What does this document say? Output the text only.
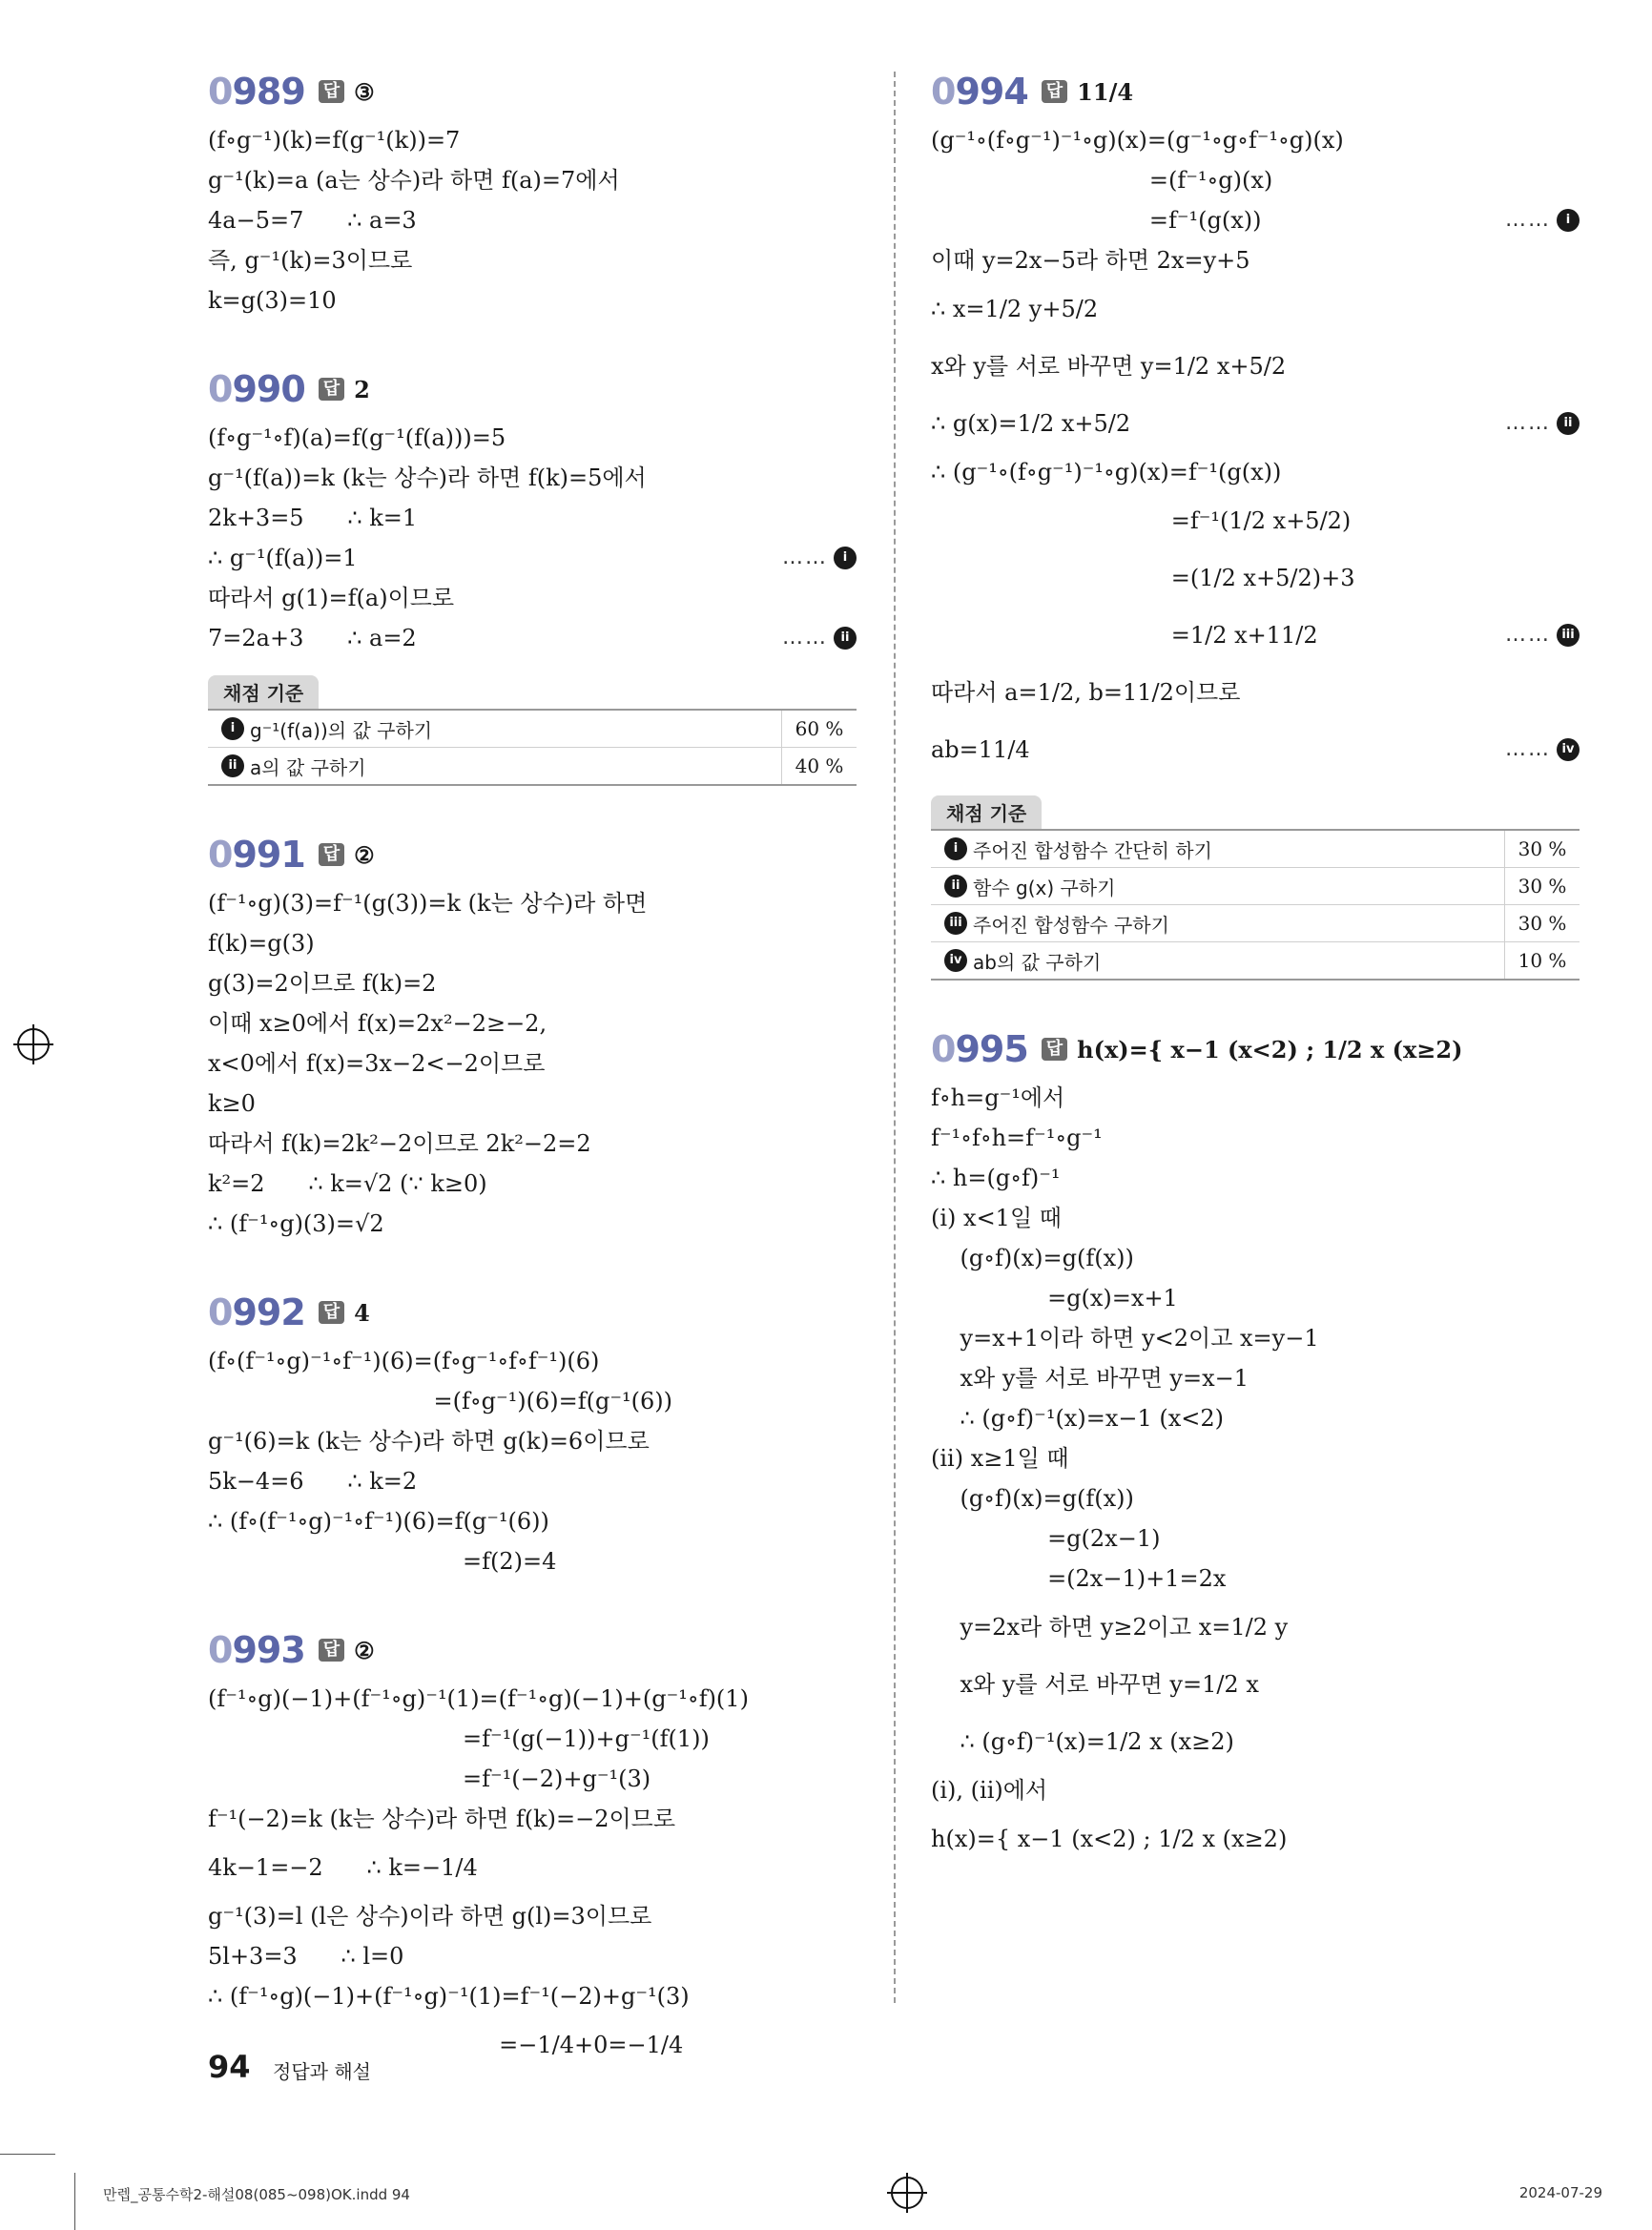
0989 답 ③
(f∘g⁻¹)(k)=f(g⁻¹(k))=7
g⁻¹(k)=a (a는 상수)라 하면 f(a)=7에서
4a−5=7      ∴ a=3
즉, g⁻¹(k)=3이므로
k=g(3)=10
0990 답 2
(f∘g⁻¹∘f)(a)=f(g⁻¹(f(a)))=5
g⁻¹(f(a))=k (k는 상수)라 하면 f(k)=5에서
2k+3=5      ∴ k=1
∴ g⁻¹(f(a))=1	…… i
따라서 g(1)=f(a)이므로
7=2a+3      ∴ a=2	…… ii
채점 기준
i g⁻¹(f(a))의 값 구하기	60 %
ii a의 값 구하기	40 %
0991 답 ②
(f⁻¹∘g)(3)=f⁻¹(g(3))=k (k는 상수)라 하면
f(k)=g(3)
g(3)=2이므로 f(k)=2
이때 x≥0에서 f(x)=2x²−2≥−2,
x<0에서 f(x)=3x−2<−2이므로
k≥0
따라서 f(k)=2k²−2이므로 2k²−2=2
k²=2      ∴ k=√2 (∵ k≥0)
∴ (f⁻¹∘g)(3)=√2
0992 답 4
(f∘(f⁻¹∘g)⁻¹∘f⁻¹)(6)=(f∘g⁻¹∘f∘f⁻¹)(6)
=(f∘g⁻¹)(6)=f(g⁻¹(6))
g⁻¹(6)=k (k는 상수)라 하면 g(k)=6이므로
5k−4=6      ∴ k=2
∴ (f∘(f⁻¹∘g)⁻¹∘f⁻¹)(6)=f(g⁻¹(6))
=f(2)=4
0993 답 ②
(f⁻¹∘g)(−1)+(f⁻¹∘g)⁻¹(1)=(f⁻¹∘g)(−1)+(g⁻¹∘f)(1)
=f⁻¹(g(−1))+g⁻¹(f(1))
=f⁻¹(−2)+g⁻¹(3)
f⁻¹(−2)=k (k는 상수)라 하면 f(k)=−2이므로
4k−1=−2      ∴ k=−1/4
g⁻¹(3)=l (l은 상수)이라 하면 g(l)=3이므로
5l+3=3      ∴ l=0
∴ (f⁻¹∘g)(−1)+(f⁻¹∘g)⁻¹(1)=f⁻¹(−2)+g⁻¹(3)
=−1/4+0=−1/4
0994 답 11/4
(g⁻¹∘(f∘g⁻¹)⁻¹∘g)(x)=(g⁻¹∘g∘f⁻¹∘g)(x)
=(f⁻¹∘g)(x)
=f⁻¹(g(x))	…… i
이때 y=2x−5라 하면 2x=y+5
∴ x=1/2 y+5/2
x와 y를 서로 바꾸면 y=1/2 x+5/2
∴ g(x)=1/2 x+5/2	…… ii
∴ (g⁻¹∘(f∘g⁻¹)⁻¹∘g)(x)=f⁻¹(g(x))
=f⁻¹(1/2 x+5/2)
=(1/2 x+5/2)+3
=1/2 x+11/2	…… iii
따라서 a=1/2, b=11/2이므로
ab=11/4	…… iv
채점 기준
i 주어진 합성함수 간단히 하기	30 %
ii 함수 g(x) 구하기	30 %
iii 주어진 합성함수 구하기	30 %
iv ab의 값 구하기	10 %
0995 답 h(x)={ x−1 (x<2) ; 1/2 x (x≥2)
f∘h=g⁻¹에서
f⁻¹∘f∘h=f⁻¹∘g⁻¹
∴ h=(g∘f)⁻¹
(i) x<1일 때
(g∘f)(x)=g(f(x))
=g(x)=x+1
y=x+1이라 하면 y<2이고 x=y−1
x와 y를 서로 바꾸면 y=x−1
∴ (g∘f)⁻¹(x)=x−1 (x<2)
(ii) x≥1일 때
(g∘f)(x)=g(f(x))
=g(2x−1)
=(2x−1)+1=2x
y=2x라 하면 y≥2이고 x=1/2 y
x와 y를 서로 바꾸면 y=1/2 x
∴ (g∘f)⁻¹(x)=1/2 x (x≥2)
(i), (ii)에서
h(x)={ x−1 (x<2) ; 1/2 x (x≥2)
94 정답과 해설
만렙_공통수학2-해설08(085~098)OK.indd 94	2024-07-29
